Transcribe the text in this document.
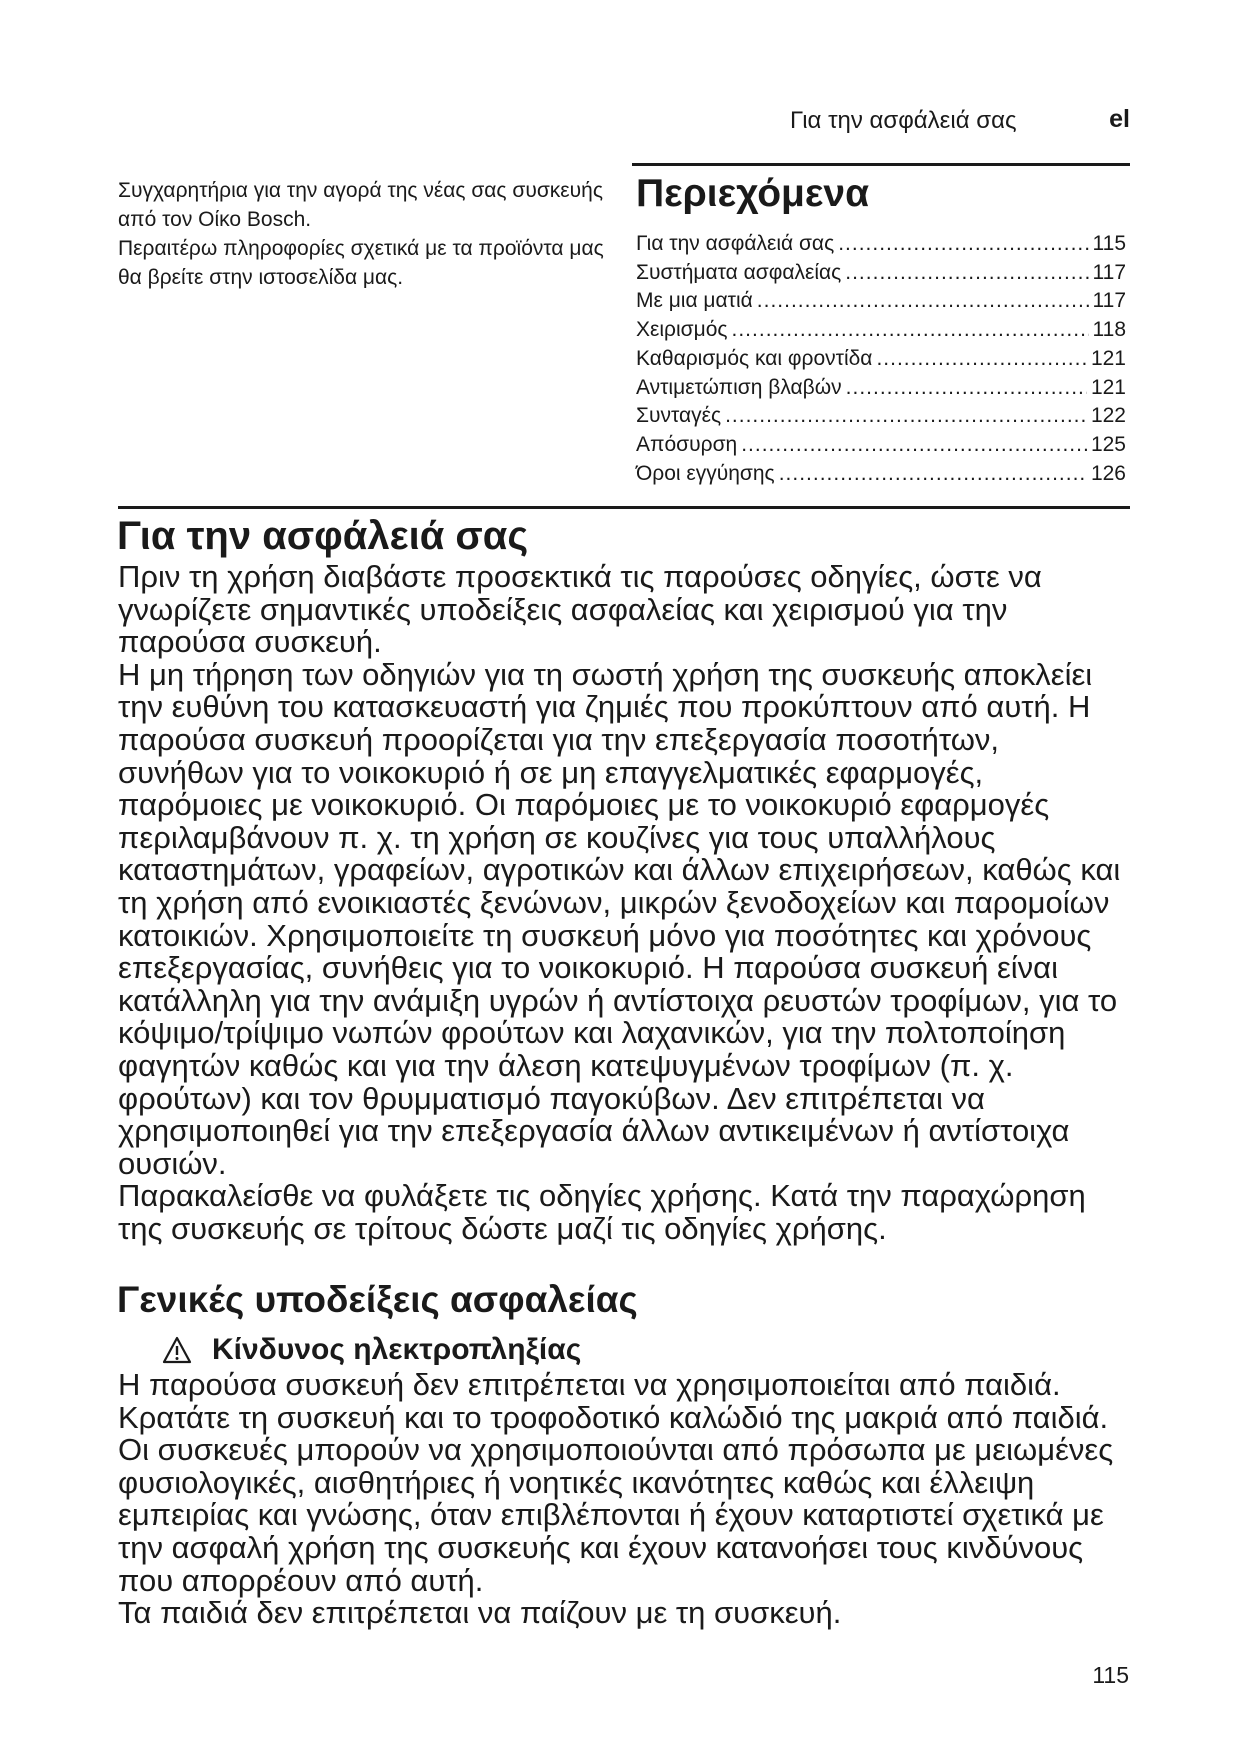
Για την ασφάλειά σας	el

Συγχαρητήρια για την αγορά της νέας σας συσκευής από τον Οίκο Bosch.

Περαιτέρω πληροφορίες σχετικά με τα προϊόντα μας θα βρείτε στην ιστοσελίδα μας.

Περιεχόμενα
Για την ασφάλειά σας .....	115
Συστήματα ασφαλείας .....	117
Με μια ματιά .....	117
Χειρισμός .....	118
Καθαρισμός και φροντίδα .....	121
Αντιμετώπιση βλαβών .....	121
Συνταγές .....	122
Απόσυρση .....	125
Όροι εγγύησης .....	126
Για την ασφάλειά σας

Πριν τη χρήση διαβάστε προσεκτικά τις παρούσες οδηγίες, ώστε να γνωρίζετε σημαντικές υποδείξεις ασφαλείας και χειρισμού για την παρούσα συσκευή.

Η μη τήρηση των οδηγιών για τη σωστή χρήση της συσκευής αποκλείει την ευθύνη του κατασκευαστή για ζημιές που προκύπτουν από αυτή. Η παρούσα συσκευή προορίζεται για την επεξεργασία ποσοτήτων, συνήθων για το νοικοκυριό ή σε μη επαγγελματικές εφαρμογές, παρόμοιες με νοικοκυριό. Οι παρόμοιες με το νοικοκυριό εφαρμογές περιλαμβάνουν π. χ. τη χρήση σε κουζίνες για τους υπαλλήλους καταστημάτων, γραφείων, αγροτικών και άλλων επιχειρήσεων, καθώς και τη χρήση από ενοικιαστές ξενώνων, μικρών ξενοδοχείων και παρομοίων κατοικιών. Χρησιμοποιείτε τη συσκευή μόνο για ποσότητες και χρόνους επεξεργασίας, συνήθεις για το νοικοκυριό. Η παρούσα συσκευή είναι κατάλληλη για την ανάμιξη υγρών ή αντίστοιχα ρευστών τροφίμων, για το κόψιμο/τρίψιμο νωπών φρούτων και λαχανικών, για την πολτοποίηση φαγητών καθώς και για την άλεση κατεψυγμένων τροφίμων (π. χ. φρούτων) και τον θρυμματισμό παγοκύβων. Δεν επιτρέπεται να χρησιμοποιηθεί για την επεξεργασία άλλων αντικειμένων ή αντίστοιχα ουσιών.

Παρακαλείσθε να φυλάξετε τις οδηγίες χρήσης. Κατά την παραχώρηση της συσκευής σε τρίτους δώστε μαζί τις οδηγίες χρήσης.

Γενικές υποδείξεις ασφαλείας
Κίνδυνος ηλεκτροπληξίας

Η παρούσα συσκευή δεν επιτρέπεται να χρησιμοποιείται από παιδιά. Κρατάτε τη συσκευή και το τροφοδοτικό καλώδιό της μακριά από παιδιά. Οι συσκευές μπορούν να χρησιμοποιούνται από πρόσωπα με μειωμένες φυσιολογικές, αισθητήριες ή νοητικές ικανότητες καθώς και έλλειψη εμπειρίας και γνώσης, όταν επιβλέπονται ή έχουν καταρτιστεί σχετικά με την ασφαλή χρήση της συσκευής και έχουν κατανοήσει τους κινδύνους που απορρέουν από αυτή.

Τα παιδιά δεν επιτρέπεται να παίζουν με τη συσκευή.

115
